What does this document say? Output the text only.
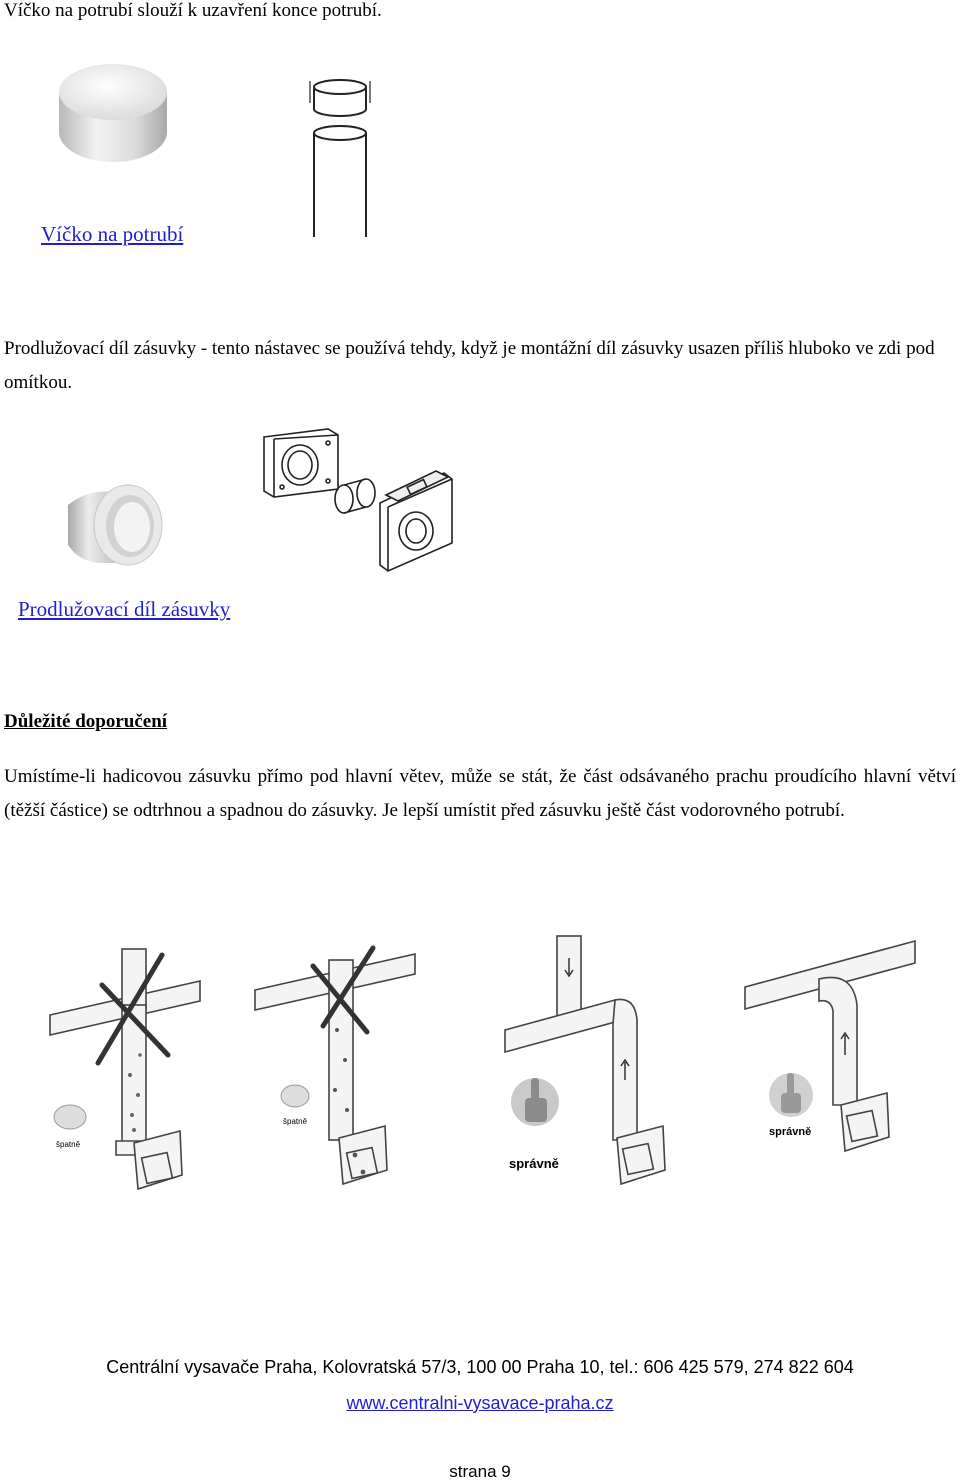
Víčko na potrubí slouží k uzavření konce potrubí.
Víčko na potrubí
Prodlužovací díl zásuvky - tento nástavec se používá tehdy, když je montážní díl zásuvky usazen příliš hluboko ve zdi pod omítkou.
Prodlužovací díl zásuvky
Důležité doporučení
Umístíme-li hadicovou zásuvku přímo pod hlavní větev, může se stát, že část odsávaného prachu proudícího hlavní větví (těžší částice) se odtrhnou a spadnou do zásuvky. Je lepší umístit před zásuvku ještě část vodorovného potrubí.
špatně
špatně
správně
správně
Centrální vysavače Praha, Kolovratská 57/3, 100 00 Praha 10, tel.: 606 425 579, 274 822 604
www.centralni-vysavace-praha.cz
strana 9
